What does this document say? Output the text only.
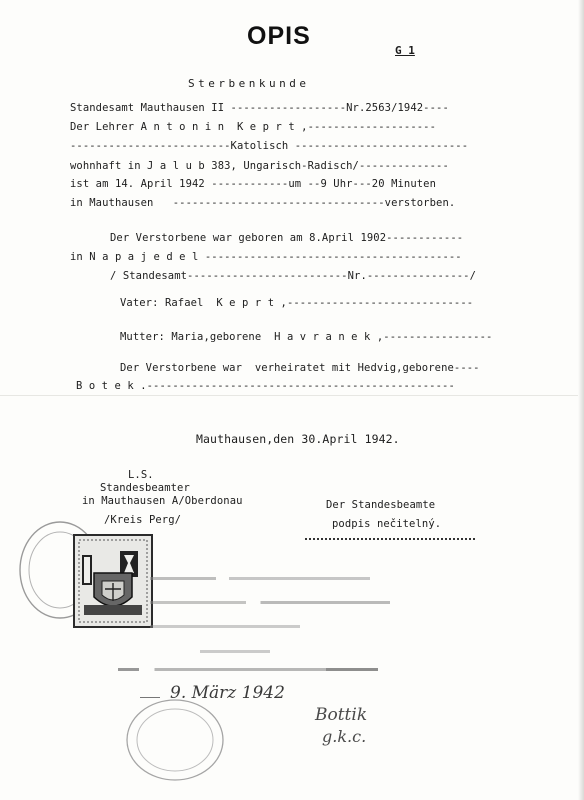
OPIS
G 1
Sterbenkunde
Standesamt Mauthausen II ------------------Nr.2563/1942----
Der Lehrer A n t o n i n  K e p r t ,--------------------
-------------------------Katolisch ---------------------------
wohnhaft in J a l u b 383, Ungarisch-Radisch/--------------
ist am 14. April 1942 ------------um --9 Uhr---20 Minuten
in Mauthausen   ---------------------------------verstorben.
Der Verstorbene war geboren am 8.April 1902------------
in N a p a j e d e l ----------------------------------------
/ Standesamt-------------------------Nr.----------------/
Vater: Rafael  K e p r t ,-----------------------------
Mutter: Maria,geborene  H a v r a n e k ,-----------------
Der Verstorbene war  verheiratet mit Hedvig,geborene----
B o t e k .------------------------------------------------
Mauthausen,den 30.April 1942.
L.S.
Standesbeamter
in Mauthausen A/Oberdonau
/Kreis Perg/
Der Standesbeamte
podpis nečitelný.
9. März 1942
Bottik
g.k.c.
